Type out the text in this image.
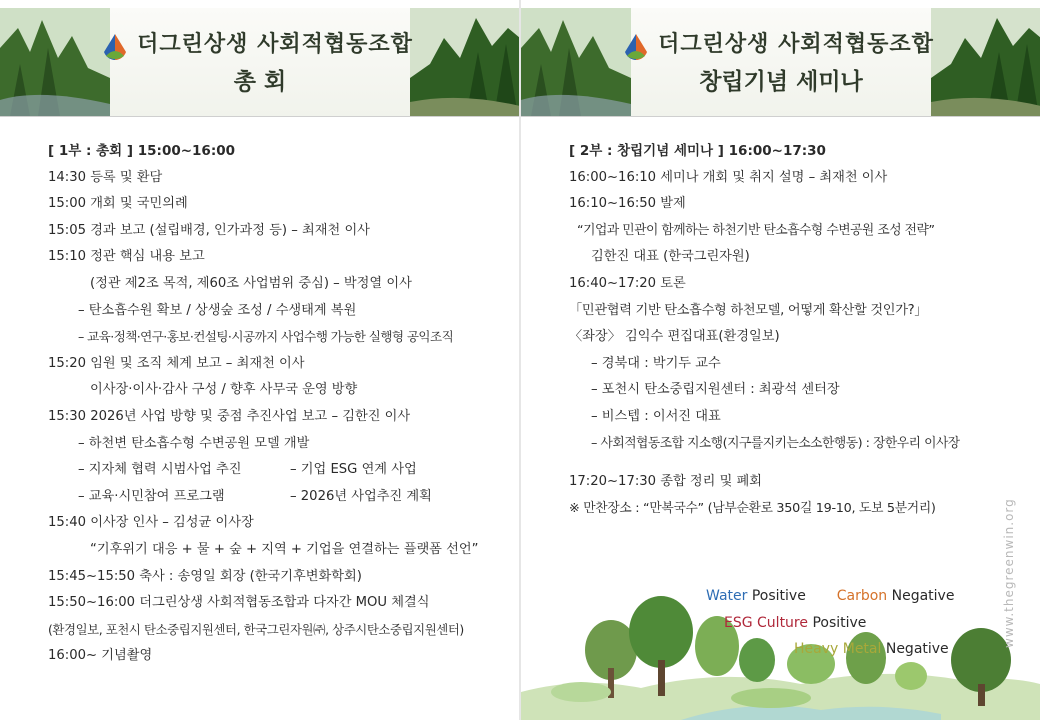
더그린상생 사회적협동조합
총 회
[ 1부 : 총회 ] 15:00~16:00
14:30 등록 및 환담
15:00 개회 및 국민의례
15:05 경과 보고 (설립배경, 인가과정 등) – 최재천 이사
15:10 정관 핵심 내용 보고
(정관 제2조 목적, 제60조 사업범위 중심) – 박정열 이사
– 탄소흡수원 확보 / 상생숲 조성 / 수생태계 복원
– 교육·정책·연구·홍보·컨설팅·시공까지 사업수행 가능한 실행형 공익조직
15:20 임원 및 조직 체계 보고 – 최재천 이사
이사장·이사·감사 구성 / 향후 사무국 운영 방향
15:30 2026년 사업 방향 및 중점 추진사업 보고 – 김한진 이사
– 하천변 탄소흡수형 수변공원 모델 개발
– 지자체 협력 시범사업 추진	– 기업 ESG 연계 사업
– 교육·시민참여 프로그램	– 2026년 사업추진 계획
15:40 이사장 인사 – 김성균 이사장
“기후위기 대응 + 물 + 숲 + 지역 + 기업을 연결하는 플랫폼 선언”
15:45~15:50 축사 : 송영일 회장 (한국기후변화학회)
15:50~16:00 더그린상생 사회적협동조합과 다자간 MOU 체결식
(환경일보, 포천시 탄소중립지원센터, 한국그린자원㈜, 상주시탄소중립지원센터)
16:00~ 기념촬영
더그린상생 사회적협동조합
창립기념 세미나
[ 2부 : 창립기념 세미나 ] 16:00~17:30
16:00~16:10 세미나 개회 및 취지 설명 – 최재천 이사
16:10~16:50 발제
“기업과 민관이 함께하는 하천기반 탄소흡수형 수변공원 조성 전략”
김한진 대표 (한국그린자원)
16:40~17:20 토론
「민관협력 기반 탄소흡수형 하천모델, 어떻게 확산할 것인가?」
〈좌장〉 김익수 편집대표(환경일보)
– 경북대 : 박기두 교수
– 포천시 탄소중립지원센터 : 최광석 센터장
– 비스텝 : 이서진 대표
– 사회적협동조합 지소행(지구를지키는소소한행동) : 장한우리 이사장
17:20~17:30 종합 정리 및 폐회
※ 만찬장소 : “만복국수” (남부순환로 350길 19-10, 도보 5분거리)
Water Positive Carbon Negative
ESG Culture Positive
Heavy Metal Negative
www.thegreenwin.org
